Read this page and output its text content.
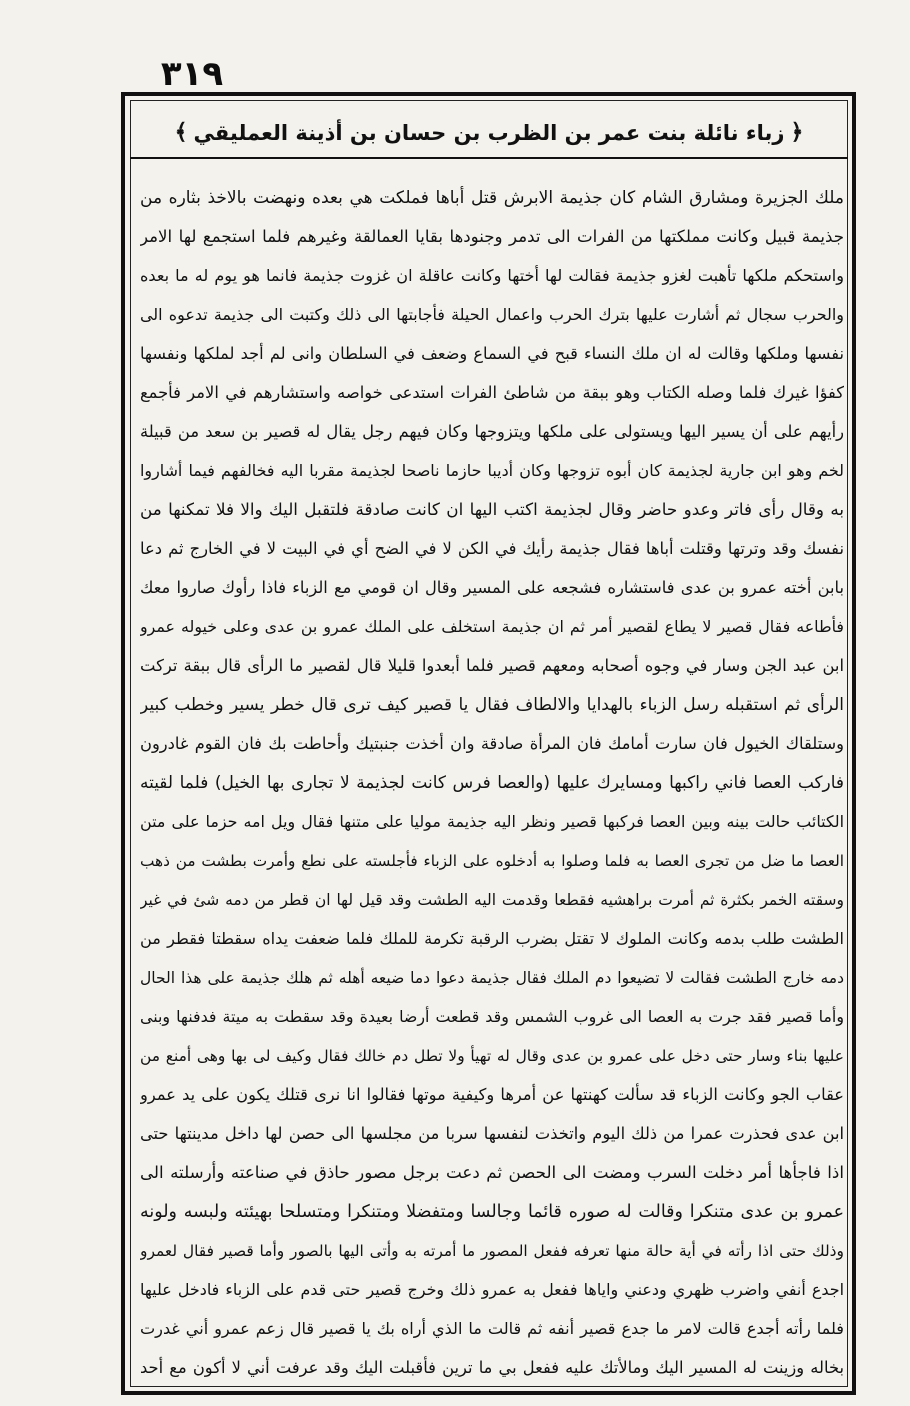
٣١٩
﴿
زباء نائلة بنت عمر بن الظرب بن حسان بن أذينة العمليقي
﴾
ملك الجزيرة ومشارق الشام كان جذيمة الابرش قتل أباها فملكت هي بعده ونهضت بالاخذ بثاره من
جذيمة قبيل وكانت مملكتها من الفرات الى تدمر وجنودها بقايا العمالقة وغيرهم فلما استجمع لها الامر
واستحكم ملكها تأهبت لغزو جذيمة فقالت لها أختها وكانت عاقلة ان غزوت جذيمة فانما هو يوم له ما بعده
والحرب سجال ثم أشارت عليها بترك الحرب واعمال الحيلة فأجابتها الى ذلك وكتبت الى جذيمة تدعوه الى
نفسها وملكها وقالت له ان ملك النساء قبح في السماع وضعف في السلطان وانى لم أجد لملكها ونفسها
كفؤا غيرك فلما وصله الكتاب وهو ببقة من شاطئ الفرات استدعى خواصه واستشارهم في الامر فأجمع
رأيهم على أن يسير اليها ويستولى على ملكها ويتزوجها وكان فيهم رجل يقال له قصير بن سعد من قبيلة
لخم وهو ابن جارية لجذيمة كان أبوه تزوجها وكان أديبا حازما ناصحا لجذيمة مقربا اليه فخالفهم فيما أشاروا
به وقال رأى فاتر وعدو حاضر وقال لجذيمة اكتب اليها ان كانت صادقة فلتقبل اليك والا فلا تمكنها من
نفسك وقد وترتها وقتلت أباها فقال جذيمة رأيك في الكن لا في الضح أي في البيت لا في الخارج ثم دعا
بابن أخته عمرو بن عدى فاستشاره فشجعه على المسير وقال ان قومي مع الزباء فاذا رأوك صاروا معك
فأطاعه فقال قصير لا يطاع لقصير أمر ثم ان جذيمة استخلف على الملك عمرو بن عدى وعلى خيوله عمرو
ابن عبد الجن وسار في وجوه أصحابه ومعهم قصير فلما أبعدوا قليلا قال لقصير ما الرأى قال ببقة تركت
الرأى ثم استقبله رسل الزباء بالهدايا والالطاف فقال يا قصير كيف ترى قال خطر يسير وخطب كبير
وستلقاك الخيول فان سارت أمامك فان المرأة صادقة وان أخذت جنبتيك وأحاطت بك فان القوم غادرون
فاركب العصا فاني راكبها ومسايرك عليها (والعصا فرس كانت لجذيمة لا تجارى بها الخيل) فلما لقيته
الكتائب حالت بينه وبين العصا فركبها قصير ونظر اليه جذيمة موليا على متنها فقال ويل امه حزما على متن
العصا ما ضل من تجرى العصا به فلما وصلوا به أدخلوه على الزباء فأجلسته على نطع وأمرت بطشت من ذهب
وسقته الخمر بكثرة ثم أمرت براهشيه فقطعا وقدمت اليه الطشت وقد قيل لها ان قطر من دمه شئ في غير
الطشت طلب بدمه وكانت الملوك لا تقتل بضرب الرقبة تكرمة للملك فلما ضعفت يداه سقطتا فقطر من
دمه خارج الطشت فقالت لا تضيعوا دم الملك فقال جذيمة دعوا دما ضيعه أهله ثم هلك جذيمة على هذا الحال
وأما قصير فقد جرت به العصا الى غروب الشمس وقد قطعت أرضا بعيدة وقد سقطت به ميتة فدفنها وبنى
عليها بناء وسار حتى دخل على عمرو بن عدى وقال له تهيأ ولا تطل دم خالك فقال وكيف لى بها وهى أمنع من
عقاب الجو وكانت الزباء قد سألت كهنتها عن أمرها وكيفية موتها فقالوا انا نرى قتلك يكون على يد عمرو
ابن عدى فحذرت عمرا من ذلك اليوم واتخذت لنفسها سربا من مجلسها الى حصن لها داخل مدينتها حتى
اذا فاجأها أمر دخلت السرب ومضت الى الحصن ثم دعت برجل مصور حاذق في صناعته وأرسلته الى
عمرو بن عدى متنكرا وقالت له صوره قائما وجالسا ومتفضلا ومتنكرا ومتسلحا بهيئته ولبسه ولونه
وذلك حتى اذا رأته في أية حالة منها تعرفه ففعل المصور ما أمرته به وأتى اليها بالصور وأما قصير فقال لعمرو
اجدع أنفي واضرب ظهري ودعني واياها ففعل به عمرو ذلك وخرج قصير حتى قدم على الزباء فادخل عليها
فلما رأته أجدع قالت لامر ما جدع قصير أنفه ثم قالت ما الذي أراه بك يا قصير قال زعم عمرو أني غدرت
بخاله وزينت له المسير اليك ومالأتك عليه ففعل بي ما ترين فأقبلت اليك وقد عرفت أني لا أكون مع أحد
